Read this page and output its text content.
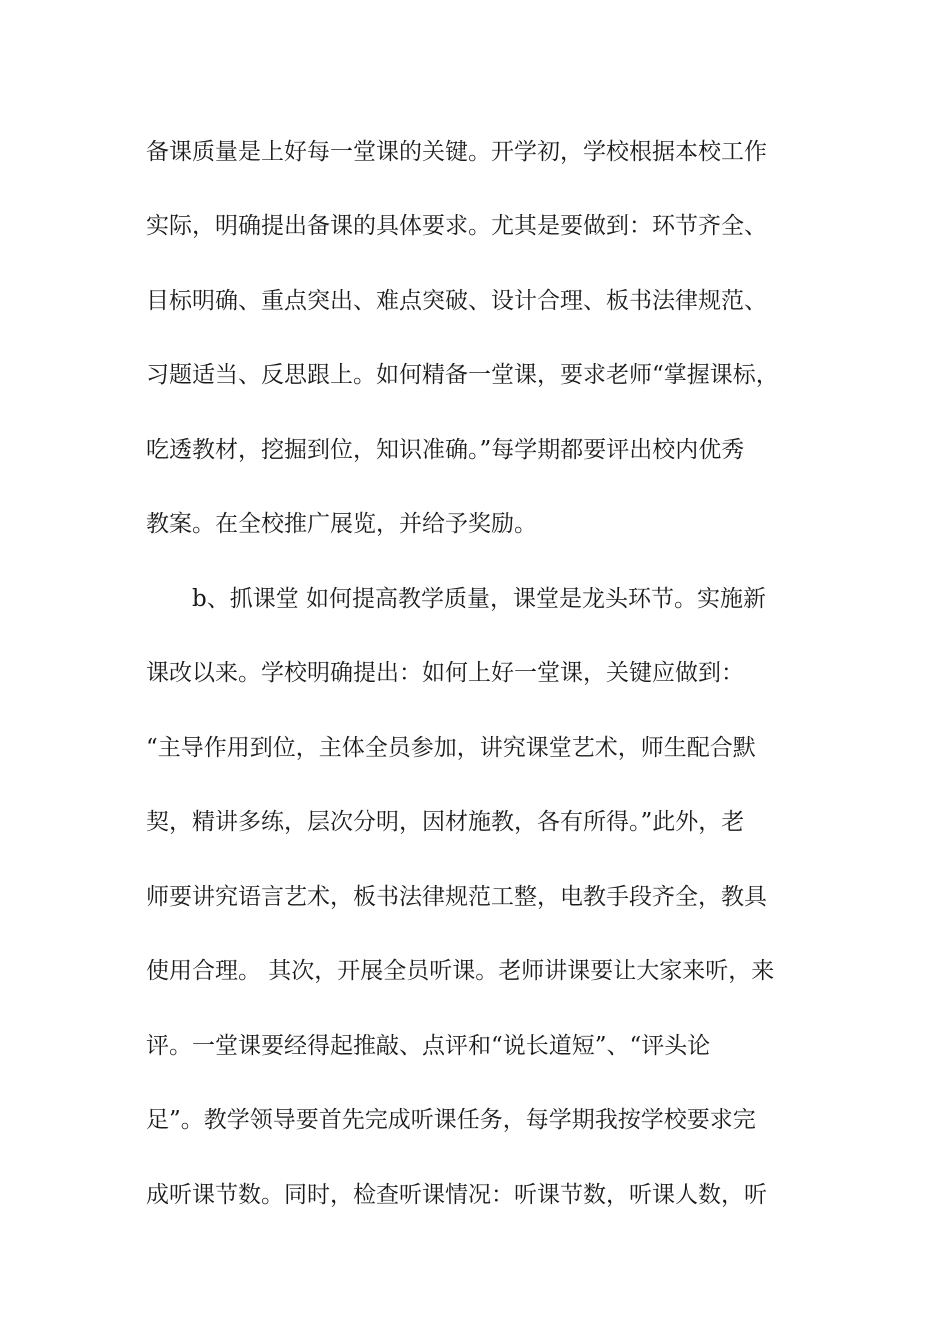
备课质量是上好每一堂课的关键。开学初，学校根据本校工作
实际，明确提出备课的具体要求。尤其是要做到：环节齐全、
目标明确、重点突出、难点突破、设计合理、板书法律规范、
习题适当、反思跟上。如何精备一堂课，要求老师“掌握课标，
吃透教材，挖掘到位，知识准确。”每学期都要评出校内优秀
教案。在全校推广展览，并给予奖励。
b、抓课堂 如何提高教学质量，课堂是龙头环节。实施新
课改以来。学校明确提出：如何上好一堂课，关键应做到：
“主导作用到位，主体全员参加，讲究课堂艺术，师生配合默
契，精讲多练，层次分明，因材施教，各有所得。”此外，老
师要讲究语言艺术，板书法律规范工整，电教手段齐全，教具
使用合理。 其次，开展全员听课。老师讲课要让大家来听，来
评。一堂课要经得起推敲、点评和“说长道短”、“评头论
足”。教学领导要首先完成听课任务，每学期我按学校要求完
成听课节数。同时，检查听课情况：听课节数，听课人数，听
